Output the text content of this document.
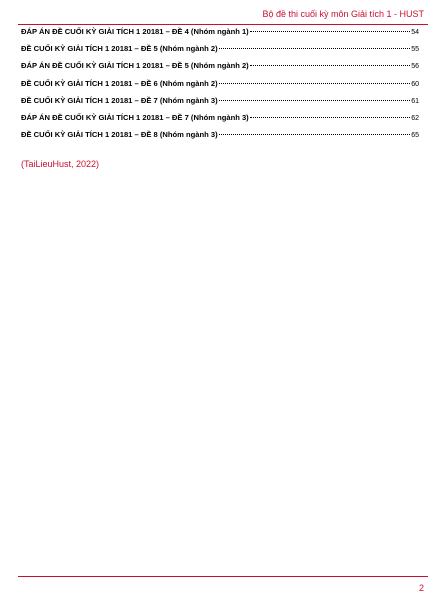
Bộ đề thi cuối kỳ môn Giải tích 1 - HUST
ĐÁP ÁN ĐỀ CUỐI KỲ GIẢI TÍCH 1 20181 – ĐỀ 4 (Nhóm ngành 1)	54
ĐỀ CUỐI KỲ GIẢI TÍCH 1 20181 – ĐỀ 5 (Nhóm ngành 2)	55
ĐÁP ÁN ĐỀ CUỐI KỲ GIẢI TÍCH 1 20181 – ĐỀ 5 (Nhóm ngành 2)	56
ĐỀ CUỐI KỲ GIẢI TÍCH 1 20181 – ĐỀ 6 (Nhóm ngành 2)	60
ĐỀ CUỐI KỲ GIẢI TÍCH 1 20181 – ĐỀ 7 (Nhóm ngành 3)	61
ĐÁP ÁN ĐỀ CUỐI KỲ GIẢI TÍCH 1 20181 – ĐỀ 7 (Nhóm ngành 3)	62
ĐỀ CUỐI KỲ GIẢI TÍCH 1 20181 – ĐỀ 8 (Nhóm ngành 3)	65
(TaiLieuHust, 2022)
2
